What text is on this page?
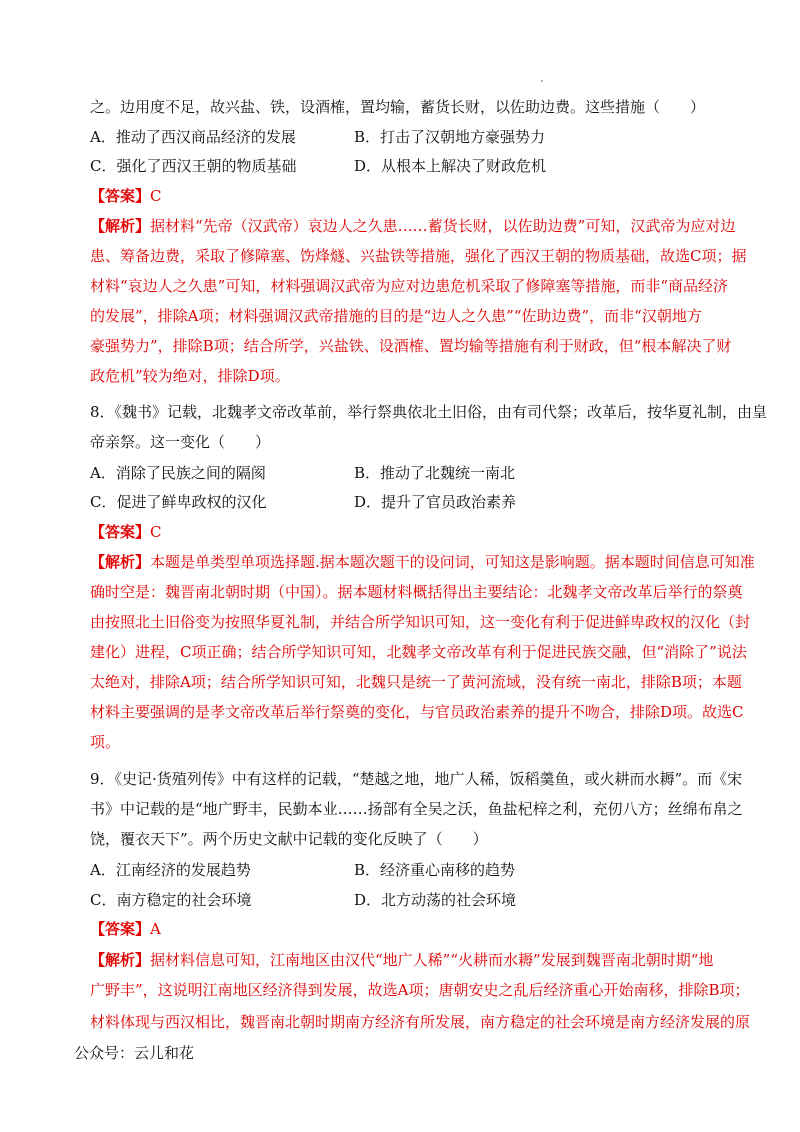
之。边用度不足，故兴盐、铁，设酒榷，置均输，蓄货长财，以佐助边费。这些措施（　　）
A．推动了西汉商品经济的发展	B．打击了汉朝地方豪强势力
C．强化了西汉王朝的物质基础	D．从根本上解决了财政危机
【答案】C
【解析】据材料“先帝（汉武帝）哀边人之久患……蓄货长财，以佐助边费”可知，汉武帝为应对边
患、筹备边费，采取了修障塞、饬烽燧、兴盐铁等措施，强化了西汉王朝的物质基础，故选C项；据
材料“哀边人之久患”可知，材料强调汉武帝为应对边患危机采取了修障塞等措施，而非“商品经济
的发展”，排除A项；材料强调汉武帝措施的目的是“边人之久患”“佐助边费”，而非“汉朝地方
豪强势力”，排除B项；结合所学，兴盐铁、设酒榷、置均输等措施有利于财政，但“根本解决了财
政危机”较为绝对，排除D项。
8．《魏书》记载，北魏孝文帝改革前，举行祭典依北土旧俗，由有司代祭；改革后，按华夏礼制，由皇
帝亲祭。这一变化（　　）
A．消除了民族之间的隔阂	B．推动了北魏统一南北
C．促进了鲜卑政权的汉化	D．提升了官员政治素养
【答案】C
【解析】本题是单类型单项选择题.据本题次题干的设问词，可知这是影响题。据本题时间信息可知准
确时空是：魏晋南北朝时期（中国）。据本题材料概括得出主要结论：北魏孝文帝改革后举行的祭奠
由按照北土旧俗变为按照华夏礼制，并结合所学知识可知，这一变化有利于促进鲜卑政权的汉化（封
建化）进程，C项正确；结合所学知识可知，北魏孝文帝改革有利于促进民族交融，但“消除了”说法
太绝对，排除A项；结合所学知识可知，北魏只是统一了黄河流域，没有统一南北，排除B项；本题
材料主要强调的是孝文帝改革后举行祭奠的变化，与官员政治素养的提升不吻合，排除D项。故选C
项。
9．《史记·货殖列传》中有这样的记载，“楚越之地，地广人稀，饭稻羹鱼，或火耕而水耨”。而《宋
书》中记载的是“地广野丰，民勤本业……扬部有全吴之沃，鱼盐杞梓之利，充仞八方；丝绵布帛之
饶，覆衣天下”。两个历史文献中记载的变化反映了（　　）
A．江南经济的发展趋势	B．经济重心南移的趋势
C．南方稳定的社会环境	D．北方动荡的社会环境
【答案】A
【解析】据材料信息可知，江南地区由汉代“地广人稀”“火耕而水耨”发展到魏晋南北朝时期“地
广野丰”，这说明江南地区经济得到发展，故选A项；唐朝安史之乱后经济重心开始南移，排除B项；
材料体现与西汉相比，魏晋南北朝时期南方经济有所发展，南方稳定的社会环境是南方经济发展的原
公众号：云儿和花
